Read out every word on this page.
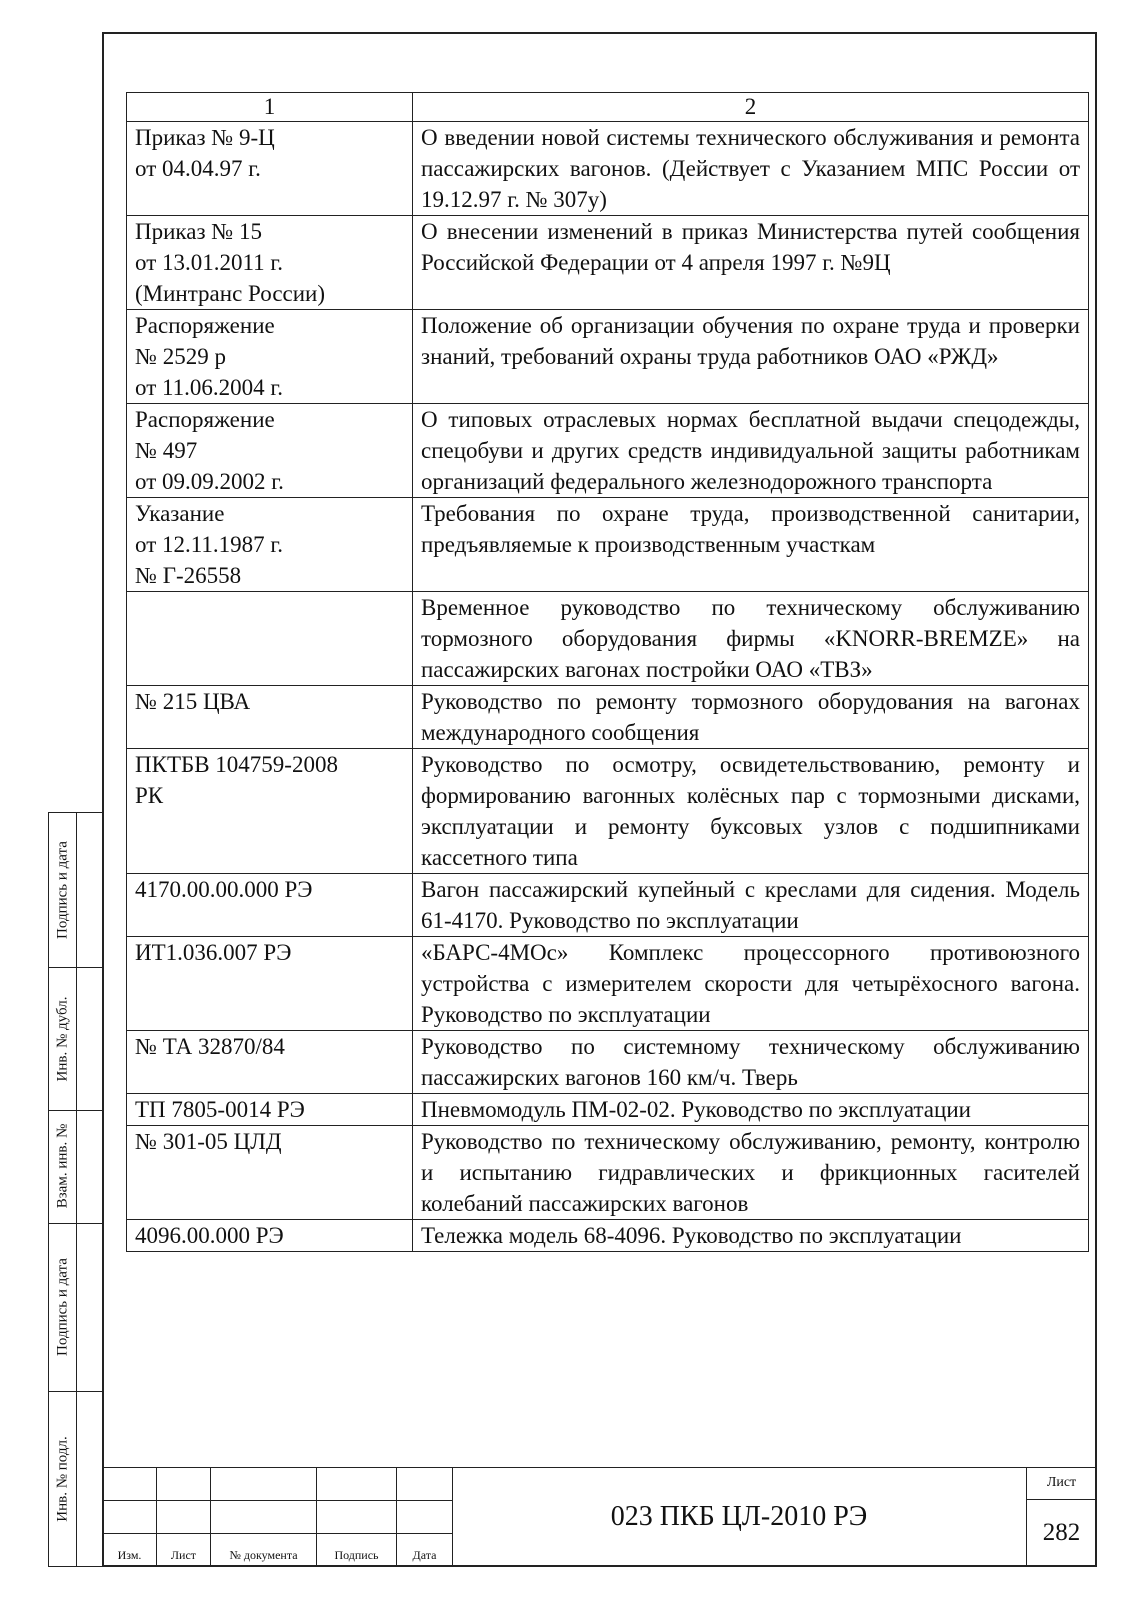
1	2

Приказ № 9-Ц
от 04.04.97 г.	О введении новой системы технического обслуживания и ремонта пассажирских вагонов. (Действует с Указанием МПС России от 19.12.97 г. № 307у)

Приказ № 15
от 13.01.2011 г.
(Минтранс России)	О внесении изменений в приказ Министерства путей сообщения Российской Федерации от 4 апреля 1997 г. №9Ц

Распоряжение
№ 2529 р
от 11.06.2004 г.	Положение об организации обучения по охране труда и проверки знаний, требований охраны труда работников ОАО «РЖД»

Распоряжение
№ 497
от 09.09.2002 г.	О типовых отраслевых нормах бесплатной выдачи спецодежды, спецобуви и других средств индивидуальной защиты работникам организаций федерального железнодорожного транспорта

Указание
от 12.11.1987 г.
№ Г-26558	Требования по охране труда, производственной санитарии, предъявляемые к производственным участкам
	Временное руководство по техническому обслуживанию тормозного оборудования фирмы «KNORR-BREMZE» на пассажирских вагонах постройки ОАО «ТВЗ»

№ 215 ЦВА	Руководство по ремонту тормозного оборудования на вагонах международного сообщения

ПКТБВ 104759-2008
РК	Руководство по осмотру, освидетельствованию, ремонту и формированию вагонных колёсных пар с тормозными дисками, эксплуатации и ремонту буксовых узлов с подшипниками кассетного типа

4170.00.00.000 РЭ	Вагон пассажирский купейный с креслами для сидения. Модель 61-4170. Руководство по эксплуатации

ИТ1.036.007 РЭ	«БАРС-4МОс» Комплекс процессорного противоюзного устройства с измерителем скорости для четырёхосного вагона. Руководство по эксплуатации

№ ТА 32870/84	Руководство по системному техническому обслуживанию пассажирских вагонов 160 км/ч. Тверь

ТП 7805-0014 РЭ	Пневмомодуль ПМ-02-02. Руководство по эксплуатации

№ 301-05 ЦЛД	Руководство по техническому обслуживанию, ремонту, контролю и испытанию гидравлических и фрикционных гасителей колебаний пассажирских вагонов

4096.00.000 РЭ	Тележка модель 68-4096. Руководство по эксплуатации
Подпись и дата
Инв. № дубл.
Взам. инв. №
Подпись и дата
Инв. № подл.
Изм.	Лист	№ документа	Подпись	Дата
023 ПКБ ЦЛ-2010 РЭ
Лист
282
